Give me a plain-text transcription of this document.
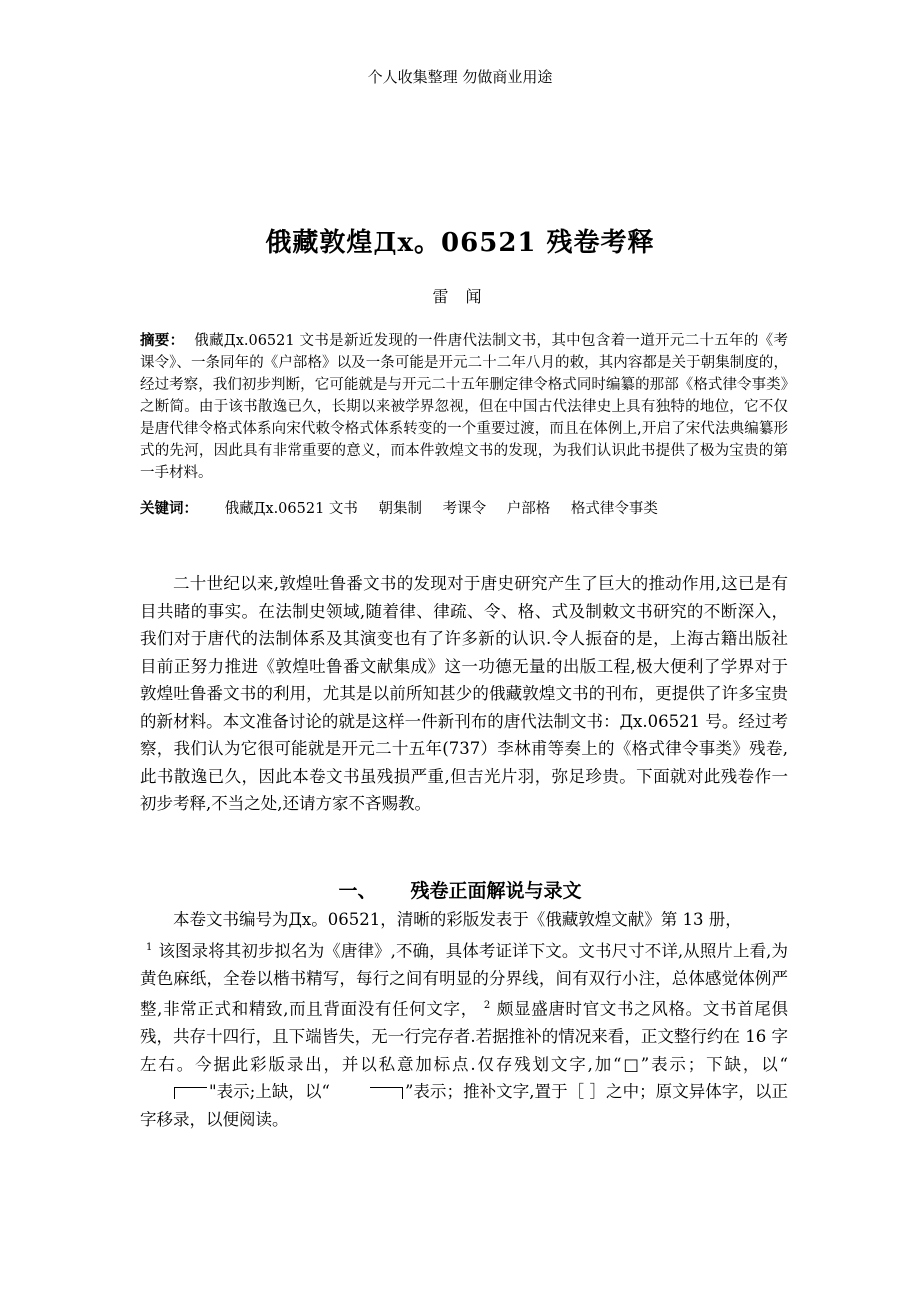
个人收集整理 勿做商业用途
俄藏敦煌Дх。06521 残卷考释
雷 闻
摘要： 俄藏Дх.06521 文书是新近发现的一件唐代法制文书，其中包含着一道开元二十五年的《考课令》、一条同年的《户部格》以及一条可能是开元二十二年八月的敕，其内容都是关于朝集制度的，经过考察，我们初步判断，它可能就是与开元二十五年删定律令格式同时编纂的那部《格式律令事类》之断简。由于该书散逸已久，长期以来被学界忽视，但在中国古代法律史上具有独特的地位，它不仅是唐代律令格式体系向宋代敕令格式体系转变的一个重要过渡，而且在体例上,开启了宋代法典编纂形式的先河，因此具有非常重要的意义，而本件敦煌文书的发现，为我们认识此书提供了极为宝贵的第一手材料。
关键词： 俄藏Дх.06521 文书 朝集制 考课令 户部格 格式律令事类

二十世纪以来,敦煌吐鲁番文书的发现对于唐史研究产生了巨大的推动作用,这已是有目共睹的事实。在法制史领域,随着律、律疏、令、格、式及制敕文书研究的不断深入，我们对于唐代的法制体系及其演变也有了许多新的认识.令人振奋的是，上海古籍出版社目前正努力推进《敦煌吐鲁番文献集成》这一功德无量的出版工程,极大便利了学界对于敦煌吐鲁番文书的利用，尤其是以前所知甚少的俄藏敦煌文书的刊布，更提供了许多宝贵的新材料。本文准备讨论的就是这样一件新刊布的唐代法制文书：Дх.06521 号。经过考察，我们认为它很可能就是开元二十五年(737）李林甫等奏上的《格式律令事类》残卷,此书散逸已久，因此本卷文书虽残损严重,但吉光片羽，弥足珍贵。下面就对此残卷作一初步考释,不当之处,还请方家不吝赐教。

一、 残卷正面解说与录文

本卷文书编号为Дх。06521，清晰的彩版发表于《俄藏敦煌文献》第 13 册，
$^1$ 该图录将其初步拟名为《唐律》,不确，具体考证详下文。文书尺寸不详,从照片上看,为黄色麻纸，全卷以楷书精写，每行之间有明显的分界线，间有双行小注，总体感觉体例严整,非常正式和精致,而且背面没有任何文字， $^2$ 颇显盛唐时官文书之风格。文书首尾俱残，共存十四行，且下端皆失，无一行完存者.若据推补的情况来看，正文整行约在 16 字左右。今据此彩版录出，并以私意加标点.仅存残划文字,加“□”表示；下缺，以“"表示;上缺，以“	”表示；推补文字,置于［ ］之中；原文异体字，以正字移录，以便阅读。
